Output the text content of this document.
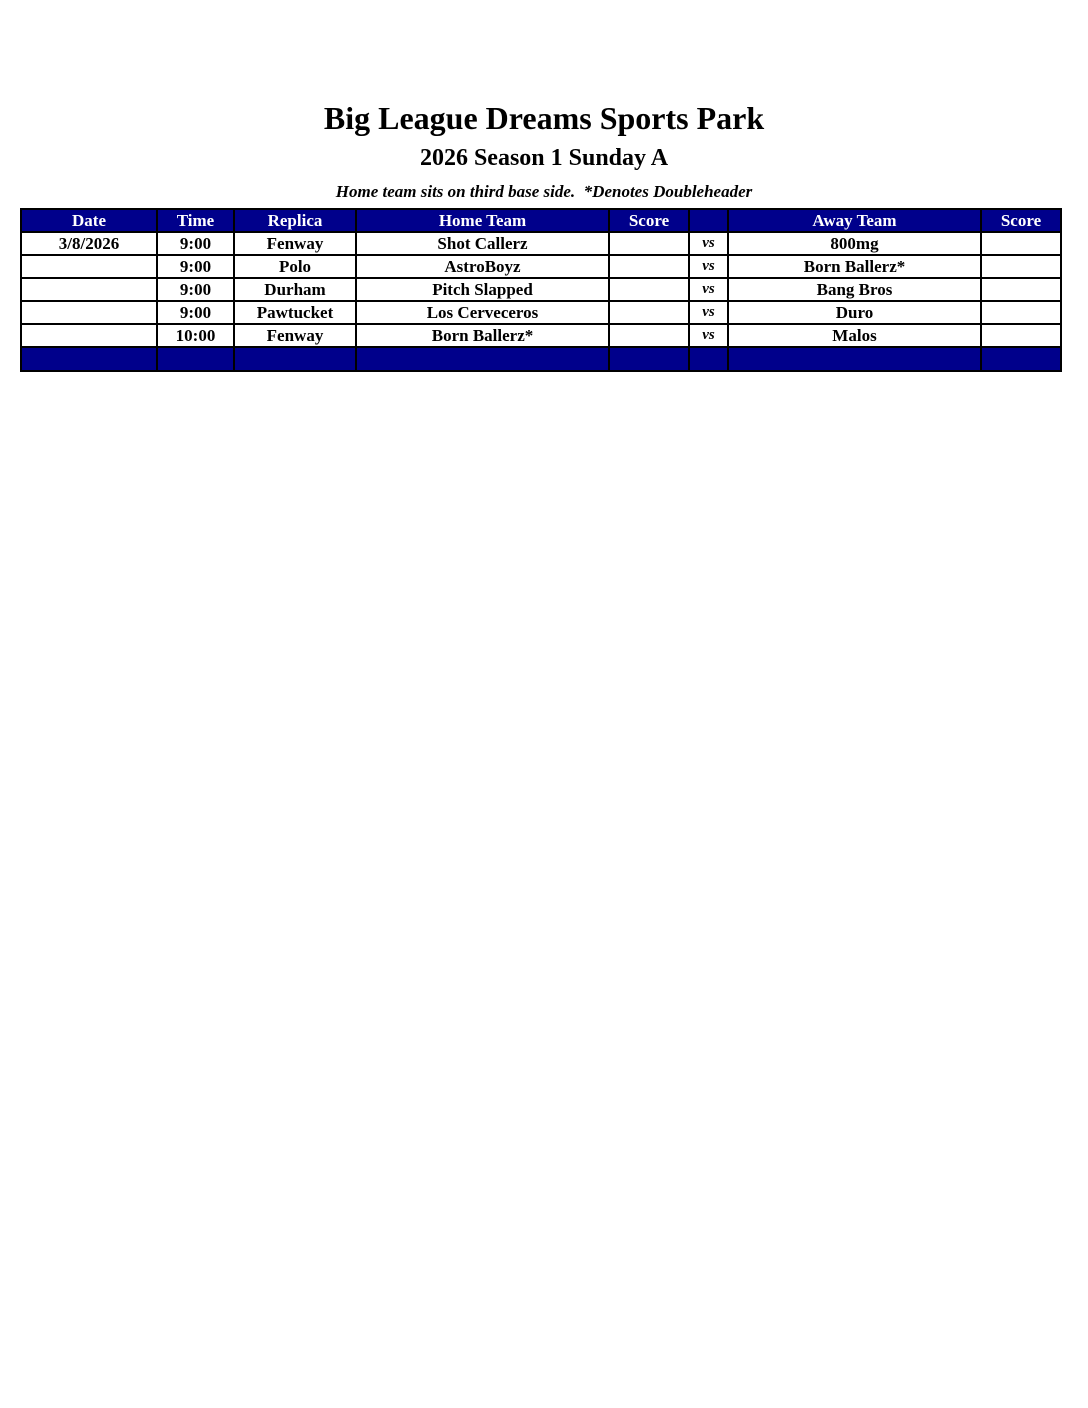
Big League Dreams Sports Park
2026 Season 1 Sunday A
Home team sits on third base side.  *Denotes Doubleheader
Date	Time	Replica	Home Team	Score		Away Team	Score
3/8/2026	9:00	Fenway	Shot Callerz		vs	800mg	
	9:00	Polo	AstroBoyz		vs	Born Ballerz*	
	9:00	Durham	Pitch Slapped		vs	Bang Bros	
	9:00	Pawtucket	Los Cerveceros		vs	Duro	
	10:00	Fenway	Born Ballerz*		vs	Malos	
